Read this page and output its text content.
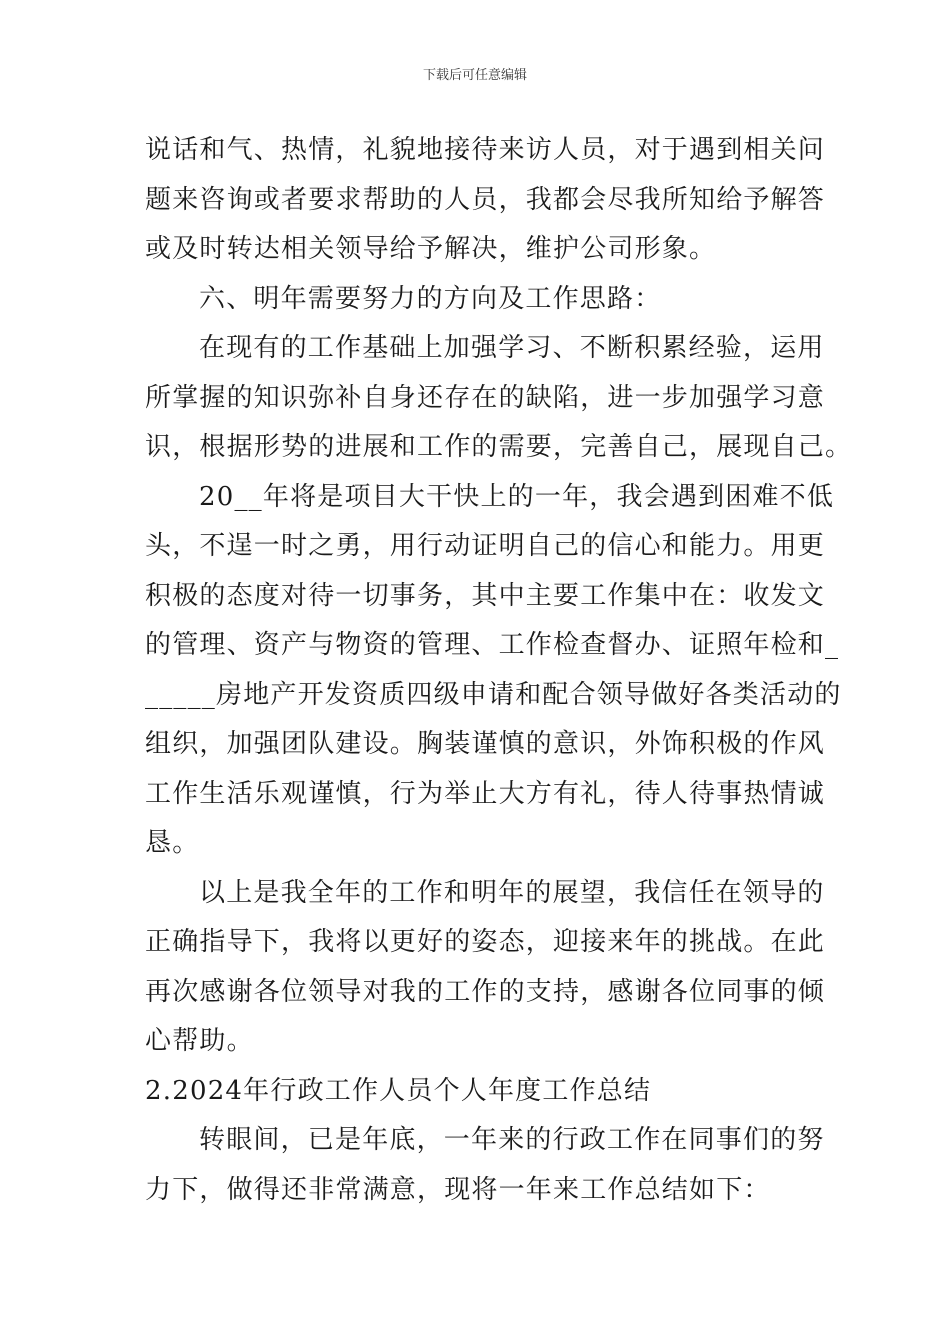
下载后可任意编辑

说话和气、热情，礼貌地接待来访人员，对于遇到相关问
题来咨询或者要求帮助的人员，我都会尽我所知给予解答
或及时转达相关领导给予解决，维护公司形象。

六、明年需要努力的方向及工作思路：

在现有的工作基础上加强学习、不断积累经验，运用
所掌握的知识弥补自身还存在的缺陷，进一步加强学习意
识，根据形势的进展和工作的需要，完善自己，展现自己。

20__年将是项目大干快上的一年，我会遇到困难不低
头，不逞一时之勇，用行动证明自己的信心和能力。用更
积极的态度对待一切事务，其中主要工作集中在：收发文
的管理、资产与物资的管理、工作检查督办、证照年检和_
_____房地产开发资质四级申请和配合领导做好各类活动的
组织，加强团队建设。胸装谨慎的意识，外饰积极的作风
工作生活乐观谨慎，行为举止大方有礼，待人待事热情诚
恳。

以上是我全年的工作和明年的展望，我信任在领导的
正确指导下，我将以更好的姿态，迎接来年的挑战。在此
再次感谢各位领导对我的工作的支持，感谢各位同事的倾
心帮助。

2.2024年行政工作人员个人年度工作总结

转眼间，已是年底，一年来的行政工作在同事们的努
力下，做得还非常满意，现将一年来工作总结如下：
